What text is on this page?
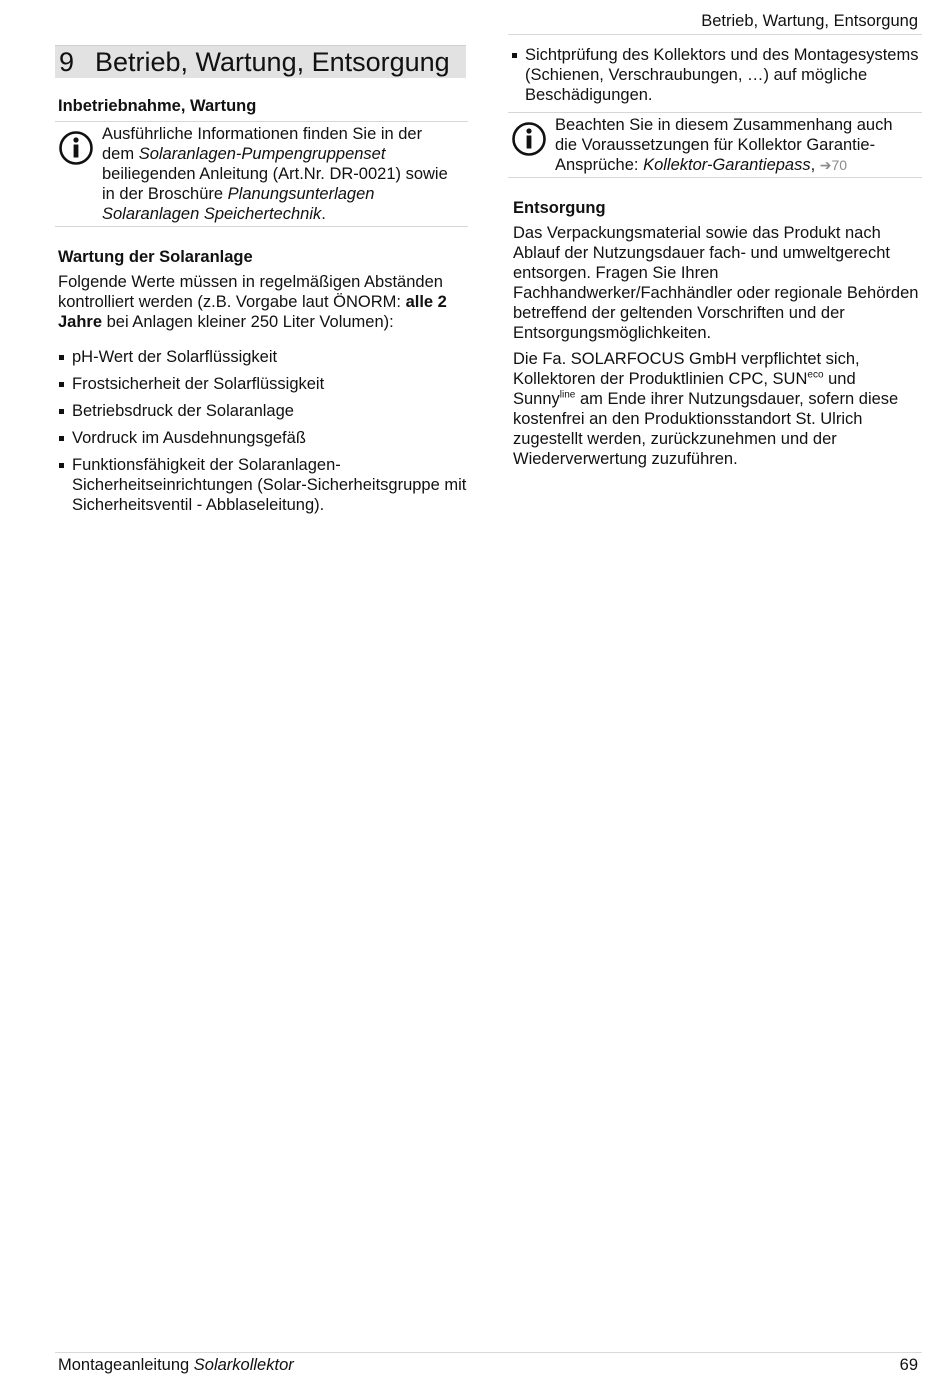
Betrieb, Wartung, Entsorgung
9 Betrieb, Wartung, Entsorgung
Inbetriebnahme, Wartung
Ausführliche Informationen finden Sie in der dem Solaranlagen-Pumpengruppenset beiliegenden Anleitung (Art.Nr. DR-0021) sowie in der Broschüre Planungsunterlagen Solaranlagen Speichertechnik.
Wartung der Solaranlage
Folgende Werte müssen in regelmäßigen Abständen kontrolliert werden (z.B. Vorgabe laut ÖNORM: alle 2 Jahre bei Anlagen kleiner 250 Liter Volumen):
pH-Wert der Solarflüssigkeit
Frostsicherheit der Solarflüssigkeit
Betriebsdruck der Solaranlage
Vordruck im Ausdehnungsgefäß
Funktionsfähigkeit der Solaranlagen-Sicherheitseinrichtungen (Solar-Sicherheitsgruppe mit Sicherheitsventil - Abblaseleitung).
Sichtprüfung des Kollektors und des Montagesystems (Schienen, Verschraubungen, …) auf mögliche Beschädigungen.
Beachten Sie in diesem Zusammenhang auch die Voraussetzungen für Kollektor Garantie-Ansprüche: Kollektor-Garantiepass, ➔70
Entsorgung
Das Verpackungsmaterial sowie das Produkt nach Ablauf der Nutzungsdauer fach- und umweltgerecht entsorgen. Fragen Sie Ihren Fachhandwerker/Fachhändler oder regionale Behörden betreffend der geltenden Vorschriften und der Entsorgungsmöglichkeiten.
Die Fa. SOLARFOCUS GmbH verpflichtet sich, Kollektoren der Produktlinien CPC, $SUN^{eco}$ und Sunny$^{line}$ am Ende ihrer Nutzungsdauer, sofern diese kostenfrei an den Produktionsstandort St. Ulrich zugestellt werden, zurückzunehmen und der Wiederverwertung zuzuführen.
Montageanleitung Solarkollektor	69
